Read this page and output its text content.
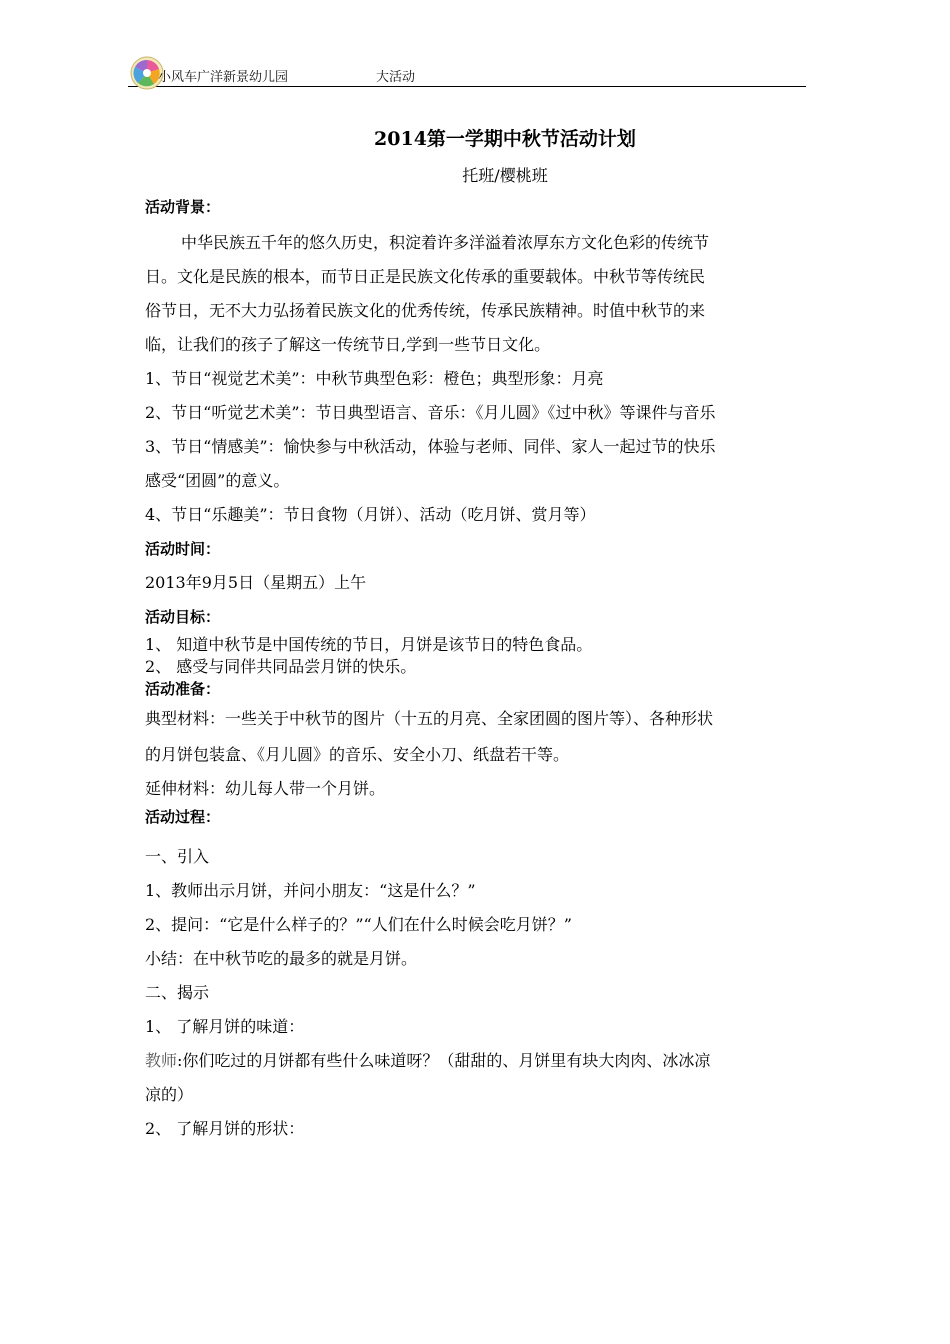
小风车广洋新景幼儿园	大活动
2014第一学期中秋节活动计划
托班/樱桃班
活动背景：
中华民族五千年的悠久历史，积淀着许多洋溢着浓厚东方文化色彩的传统节
日。文化是民族的根本，而节日正是民族文化传承的重要载体。中秋节等传统民
俗节日，无不大力弘扬着民族文化的优秀传统，传承民族精神。时值中秋节的来
临，让我们的孩子了解这一传统节日,学到一些节日文化。
1、节日“视觉艺术美”：中秋节典型色彩：橙色；典型形象：月亮
2、节日“听觉艺术美”：节日典型语言、音乐：《月儿圆》《过中秋》等课件与音乐
3、节日“情感美”：愉快参与中秋活动，体验与老师、同伴、家人一起过节的快乐
感受“团圆”的意义。
4、节日“乐趣美”：节日食物（月饼）、活动（吃月饼、赏月等）
活动时间：
2013年9月5日（星期五）上午
活动目标：
1、 知道中秋节是中国传统的节日，月饼是该节日的特色食品。
2、 感受与同伴共同品尝月饼的快乐。
活动准备：
典型材料：一些关于中秋节的图片（十五的月亮、全家团圆的图片等）、各种形状
的月饼包装盒、《月儿圆》的音乐、安全小刀、纸盘若干等。
延伸材料：幼儿每人带一个月饼。
活动过程：
一、引入
1、教师出示月饼，并问小朋友：“这是什么？”
2、提问：“它是什么样子的？”“人们在什么时候会吃月饼？”
小结：在中秋节吃的最多的就是月饼。
二、揭示
1、 了解月饼的味道：
教师:你们吃过的月饼都有些什么味道呀？（甜甜的、月饼里有块大肉肉、冰冰凉
凉的）
2、 了解月饼的形状：
